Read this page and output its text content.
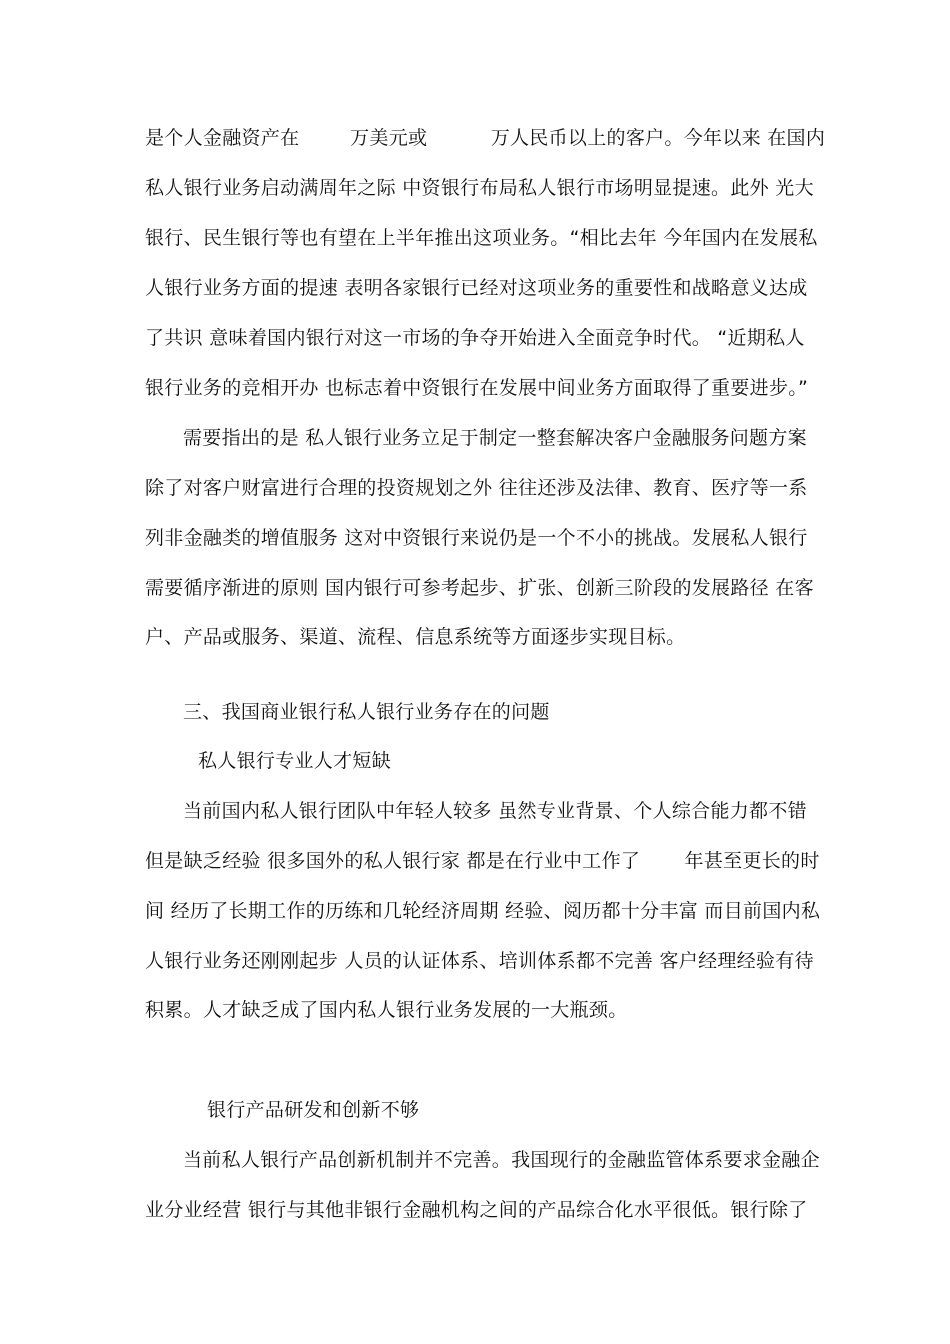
是个人金融资产在        万美元或          万人民币以上的客户。今年以来 在国内
私人银行业务启动满周年之际 中资银行布局私人银行市场明显提速。此外 光大
银行、民生银行等也有望在上半年推出这项业务。“相比去年 今年国内在发展私
人银行业务方面的提速 表明各家银行已经对这项业务的重要性和战略意义达成
了共识 意味着国内银行对这一市场的争夺开始进入全面竞争时代。 “近期私人
银行业务的竞相开办 也标志着中资银行在发展中间业务方面取得了重要进步。”
需要指出的是 私人银行业务立足于制定一整套解决客户金融服务问题方案
除了对客户财富进行合理的投资规划之外 往往还涉及法律、教育、医疗等一系
列非金融类的增值服务 这对中资银行来说仍是一个不小的挑战。发展私人银行
需要循序渐进的原则 国内银行可参考起步、扩张、创新三阶段的发展路径 在客
户、产品或服务、渠道、流程、信息系统等方面逐步实现目标。
三、我国商业银行私人银行业务存在的问题
私人银行专业人才短缺
当前国内私人银行团队中年轻人较多 虽然专业背景、个人综合能力都不错
但是缺乏经验 很多国外的私人银行家 都是在行业中工作了       年甚至更长的时
间 经历了长期工作的历练和几轮经济周期 经验、阅历都十分丰富 而目前国内私
人银行业务还刚刚起步 人员的认证体系、培训体系都不完善 客户经理经验有待
积累。人才缺乏成了国内私人银行业务发展的一大瓶颈。
银行产品研发和创新不够
当前私人银行产品创新机制并不完善。我国现行的金融监管体系要求金融企
业分业经营 银行与其他非银行金融机构之间的产品综合化水平很低。银行除了
